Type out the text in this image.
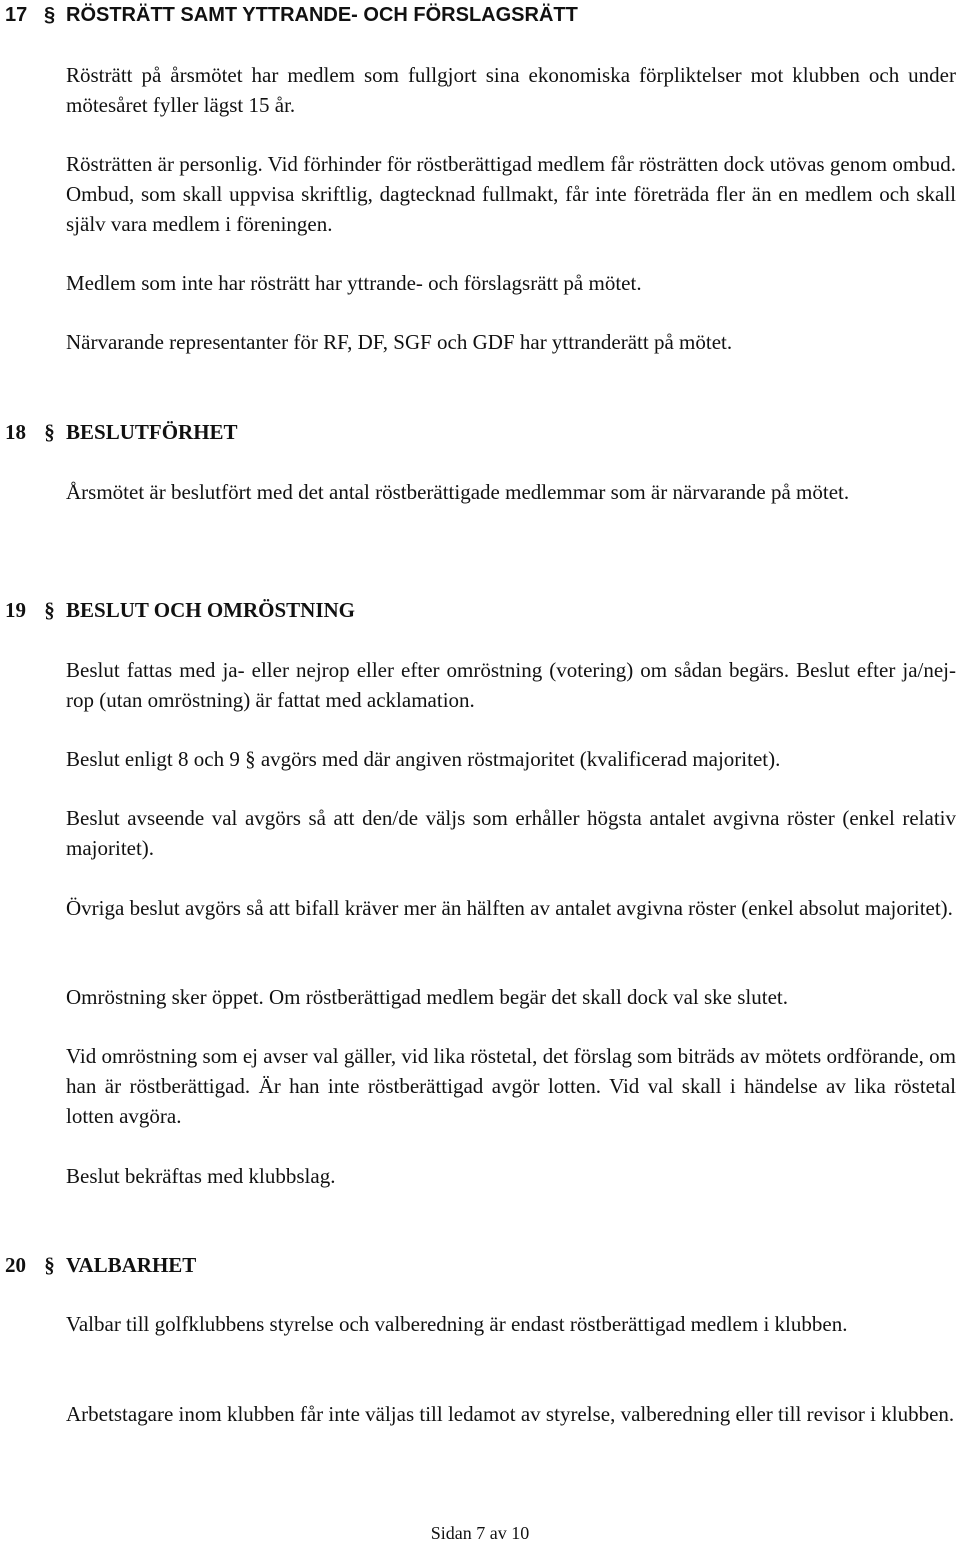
17 § RÖSTRÄTT SAMT YTTRANDE- OCH FÖRSLAGSRÄTT
Rösträtt på årsmötet har medlem som fullgjort sina ekonomiska förpliktelser mot klubben och under mötesåret fyller lägst 15 år.
Rösträtten är personlig. Vid förhinder för röstberättigad medlem får rösträtten dock utövas genom ombud. Ombud, som skall uppvisa skriftlig, dagtecknad fullmakt, får inte företräda fler än en medlem och skall själv vara medlem i föreningen.
Medlem som inte har rösträtt har yttrande- och förslagsrätt på mötet.
Närvarande representanter för RF, DF, SGF och GDF har yttranderätt på mötet.
18 § BESLUTFÖRHET
Årsmötet är beslutfört med det antal röstberättigade medlemmar som är närvarande på mötet.
19 § BESLUT OCH OMRÖSTNING
Beslut fattas med ja- eller nejrop eller efter omröstning (votering) om sådan begärs. Beslut efter ja/nej-rop (utan omröstning) är fattat med acklamation.
Beslut enligt 8 och 9 § avgörs med där angiven röstmajoritet (kvalificerad majoritet).
Beslut avseende val avgörs så att den/de väljs som erhåller högsta antalet avgivna röster (enkel relativ majoritet).
Övriga beslut avgörs så att bifall kräver mer än hälften av antalet avgivna röster (enkel absolut majoritet).
Omröstning sker öppet. Om röstberättigad medlem begär det skall dock val ske slutet.
Vid omröstning som ej avser val gäller, vid lika röstetal, det förslag som biträds av mötets ordförande, om han är röstberättigad. Är han inte röstberättigad avgör lotten. Vid val skall i händelse av lika röstetal lotten avgöra.
Beslut bekräftas med klubbslag.
20 § VALBARHET
Valbar till golfklubbens styrelse och valberedning är endast röstberättigad medlem i klubben.
Arbetstagare inom klubben får inte väljas till ledamot av styrelse, valberedning eller till revisor i klubben.
Sidan 7 av 10
